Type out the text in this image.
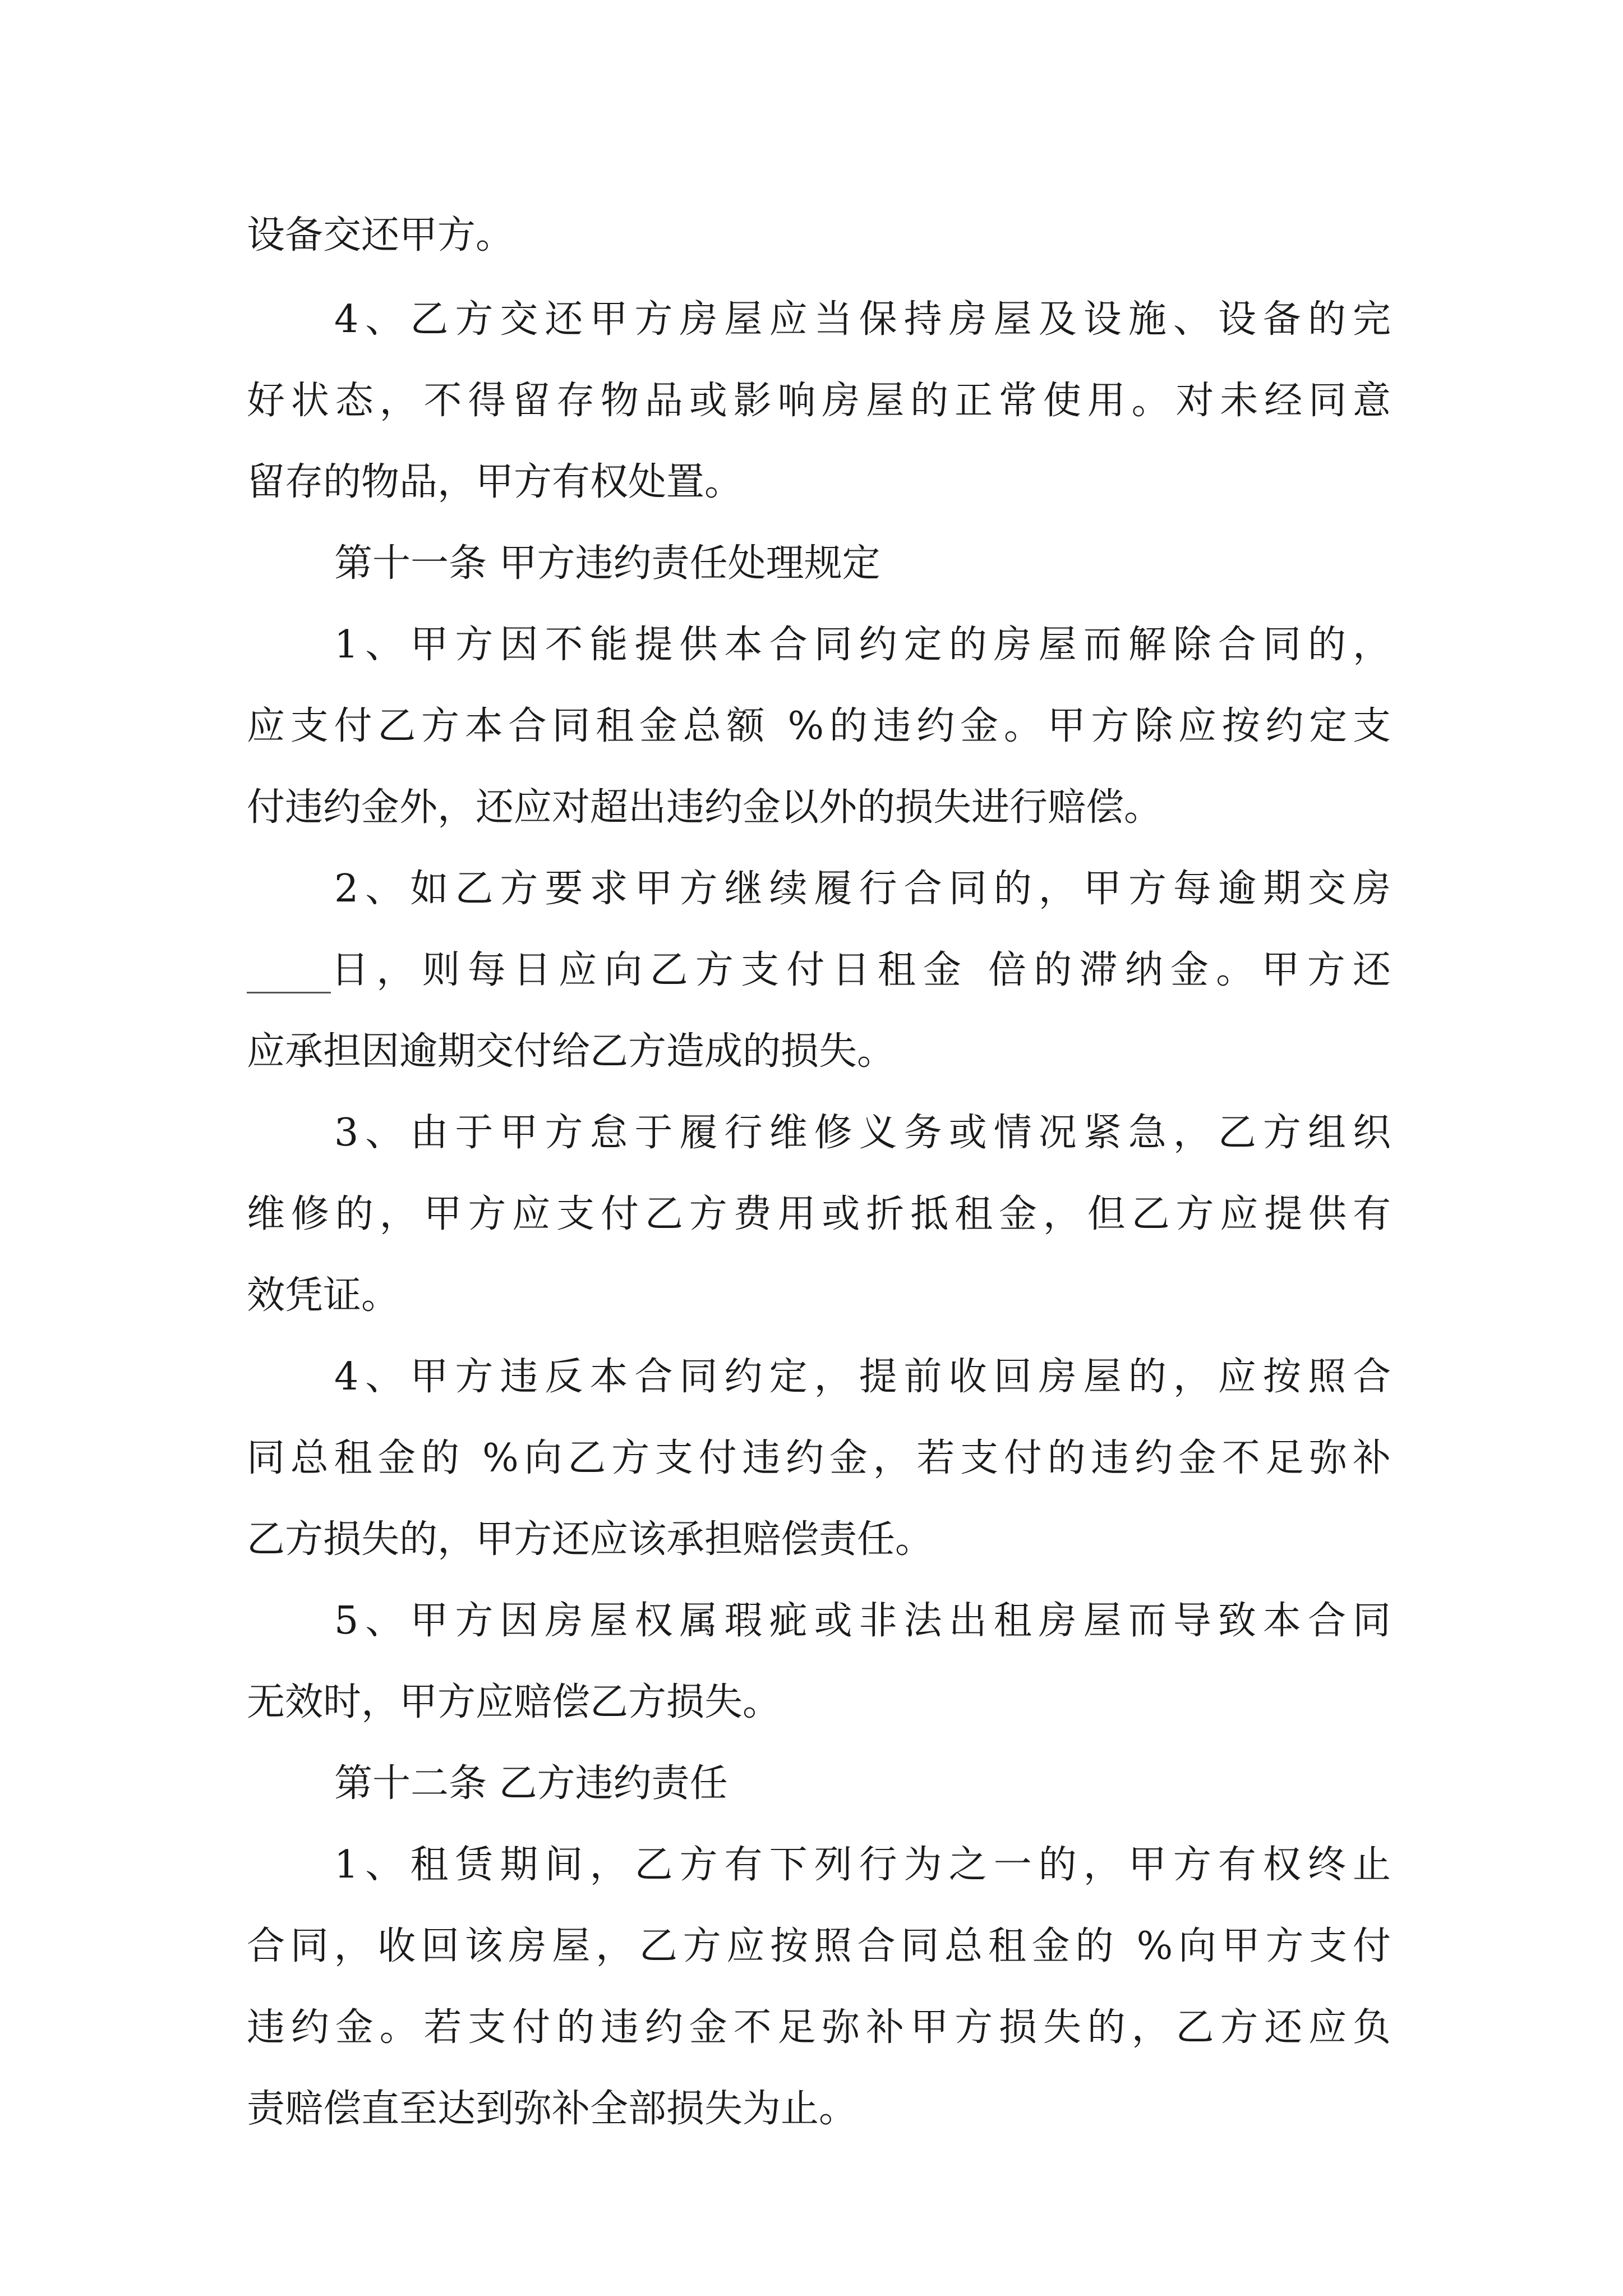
设备交还甲方。
4、乙方交还甲方房屋应当保持房屋及设施、设备的完
好状态，不得留存物品或影响房屋的正常使用。对未经同意
留存的物品，甲方有权处置。
第十一条 甲方违约责任处理规定
1、甲方因不能提供本合同约定的房屋而解除合同的，
应支付乙方本合同租金总额 %的违约金。甲方除应按约定支
付违约金外，还应对超出违约金以外的损失进行赔偿。
2、如乙方要求甲方继续履行合同的，甲方每逾期交房
日，则每日应向乙方支付日租金 倍的滞纳金。甲方还
应承担因逾期交付给乙方造成的损失。
3、由于甲方怠于履行维修义务或情况紧急，乙方组织
维修的，甲方应支付乙方费用或折抵租金，但乙方应提供有
效凭证。
4、甲方违反本合同约定，提前收回房屋的，应按照合
同总租金的 %向乙方支付违约金，若支付的违约金不足弥补
乙方损失的，甲方还应该承担赔偿责任。
5、甲方因房屋权属瑕疵或非法出租房屋而导致本合同
无效时，甲方应赔偿乙方损失。
第十二条 乙方违约责任
1、租赁期间，乙方有下列行为之一的，甲方有权终止
合同，收回该房屋，乙方应按照合同总租金的 %向甲方支付
违约金。若支付的违约金不足弥补甲方损失的，乙方还应负
责赔偿直至达到弥补全部损失为止。
